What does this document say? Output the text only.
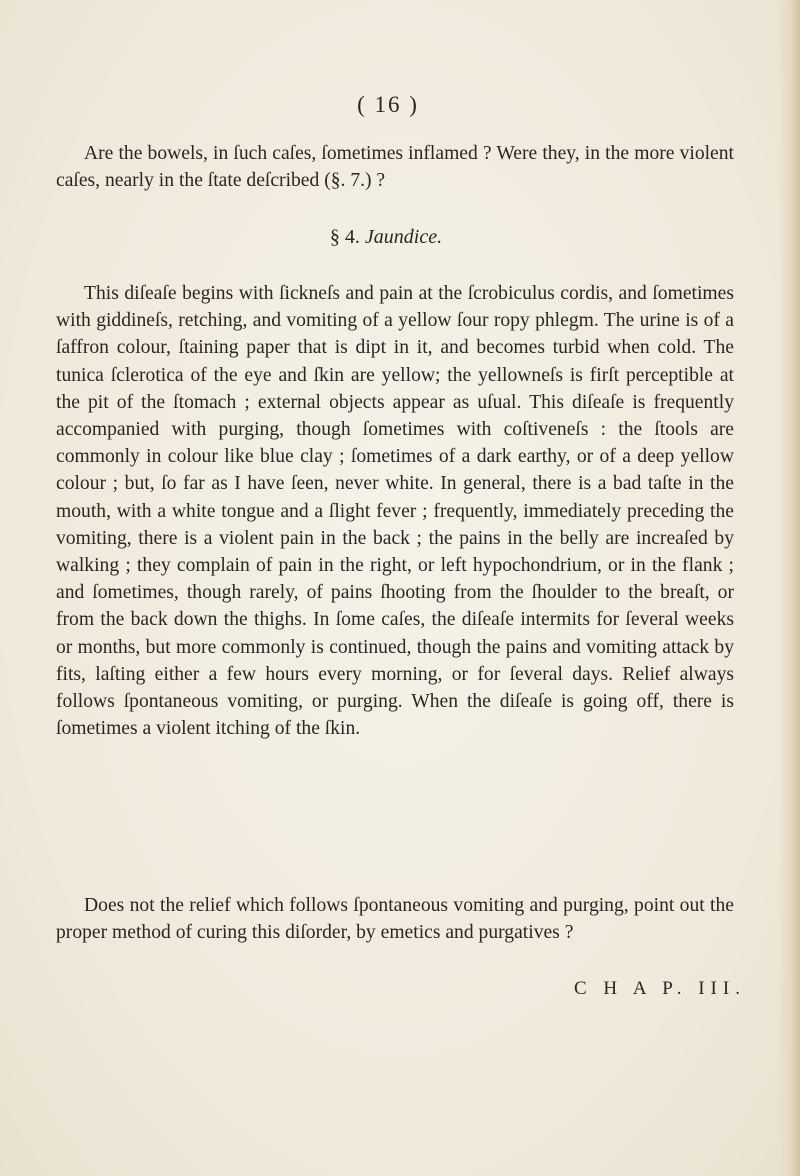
( 16 )

Are the bowels, in ſuch caſes, ſometimes inflamed ? Were they, in the more violent caſes, nearly in the ſtate deſcribed (§. 7.) ?

§ 4. Jaundice.

This diſeaſe begins with ſickneſs and pain at the ſcrobiculus cordis, and ſometimes with giddineſs, retching, and vomiting of a yellow ſour ropy phlegm. The urine is of a ſaffron colour, ſtaining paper that is dipt in it, and becomes turbid when cold. The tunica ſclerotica of the eye and ſkin are yellow; the yellowneſs is firſt perceptible at the pit of the ſtomach ; external objects appear as uſual. This diſeaſe is frequently accompanied with purging, though ſometimes with coſtiveneſs : the ſtools are commonly in colour like blue clay ; ſometimes of a dark earthy, or of a deep yellow colour ; but, ſo far as I have ſeen, never white. In general, there is a bad taſte in the mouth, with a white tongue and a ſlight fever ; frequently, immediately preceding the vomiting, there is a violent pain in the back ; the pains in the belly are increaſed by walking ; they complain of pain in the right, or left hypochondrium, or in the flank ; and ſometimes, though rarely, of pains ſhooting from the ſhoulder to the breaſt, or from the back down the thighs. In ſome caſes, the diſeaſe intermits for ſeveral weeks or months, but more commonly is continued, though the pains and vomiting attack by fits, laſting either a few hours every morning, or for ſeveral days. Relief always follows ſpontaneous vomiting, or purging. When the diſeaſe is going off, there is ſometimes a violent itching of the ſkin.

Does not the relief which follows ſpontaneous vomiting and purging, point out the proper method of curing this diſorder, by emetics and purgatives ?

C H A P. III.
